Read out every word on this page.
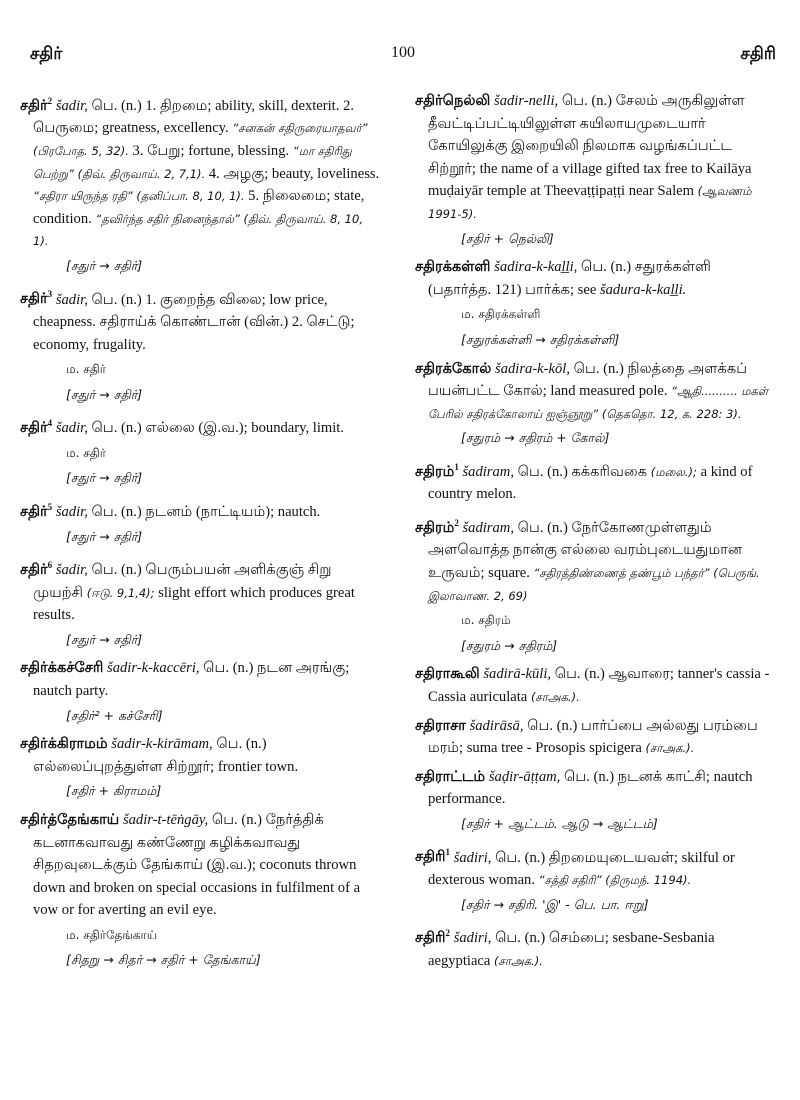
சதிர்	100	சதிரி

சதிர்$^2$ šadir, பெ. (n.) 1. திறமை; ability, skill, dexterit. 2. பெருமை; greatness, excellency. “சனகன் சதிருரையாதவர்” (பிரபோத. 5, 32). 3. பேறு; fortune, blessing. “மா சதிரிது பெற்று” (திவ். திருவாய். 2, 7,1). 4. அழகு; beauty, loveliness. “சதிரா யிருந்த ரதி” (தனிப்பா. 8, 10, 1). 5. நிலைமை; state, condition. “தவிர்ந்த சதிர் நினைந்தால்” (திவ். திருவாய். 8, 10, 1).

[சதுர் → சதிர்]

சதிர்$^3$ šadir, பெ. (n.) 1. குறைந்த விலை; low price, cheapness. சதிராய்க் கொண்டான் (வின்.) 2. செட்டு; economy, frugality.

ம. சதிர்
[சதுர் → சதிர்]

சதிர்$^4$ šadir, பெ. (n.) எல்லை (இ.வ.); boundary, limit.

ம. சதிர்
[சதுர் → சதிர்]

சதிர்$^5$ šadir, பெ. (n.) நடனம் (நாட்டியம்); nautch.

[சதுர் → சதிர்]

சதிர்$^6$ šadir, பெ. (n.) பெரும்பயன் அளிக்குஞ் சிறு முயற்சி (ஈடு. 9,1,4); slight effort which produces great results.

[சதுர் → சதிர்]

சதிர்க்கச்சேரி šadir-k-kaccēri, பெ. (n.) நடன அரங்கு; nautch party.

[சதிர்² + கச்சேரி]

சதிர்க்கிராமம் šadir-k-kirāmam, பெ. (n.) எல்லைப்புறத்துள்ள சிற்றூர்; frontier town.

[சதிர் + கிராமம்]

சதிர்த்தேங்காய் šadir-t-tēṅgāy, பெ. (n.) நேர்த்திக் கடனாகவாவது கண்ணேறு கழிக்கவாவது சிதறவுடைக்கும் தேங்காய் (இ.வ.); coconuts thrown down and broken on special occasions in fulfilment of a vow or for averting an evil eye.

ம. சதிர்தேங்காய்
[சிதறு → சிதர் → சதிர் + தேங்காய்]

சதிர்நெல்லி šadir-nelli, பெ. (n.) சேலம் அருகிலுள்ள தீவட்டிப்பட்டியிலுள்ள கயிலாயமுடையார் கோயிலுக்கு இறையிலி நிலமாக வழங்கப்பட்ட சிற்றூர்; the name of a village gifted tax free to Kailāya muḍaiyār temple at Theevaṭṭipaṭṭi near Salem (ஆவணம் 1991-5).

[சதிர் + நெல்லி]

சதிரக்கள்ளி šadira-k-kaḻḻi, பெ. (n.) சதுரக்கள்ளி (பதார்த்த. 121) பார்க்க; see šadura-k-kaḻḻi.

ம. சதிரக்கள்ளி
[சதுரக்கள்ளி → சதிரக்கள்ளி]

சதிரக்கோல் šadira-k-kōl, பெ. (n.) நிலத்தை அளக்கப் பயன்பட்ட கோல்; land measured pole. “ஆதி.......... மகள் பேரில் சதிரக்கோலாய் ஐஞ்ஞூறு” (தெகதொ. 12, க. 228: 3).

[சதுரம் → சதிரம் + கோல்]

சதிரம்$^1$ šadiram, பெ. (n.) கக்கரிவகை (மலை.); a kind of country melon.

சதிரம்$^2$ šadiram, பெ. (n.) நேர்கோணமுள்ளதும் அளவொத்த நான்கு எல்லை வரம்புடையதுமான உருவம்; square. “சதிரத்திண்ணைத் தண்பூம் பந்தர்” (பெருங். இலாவாண. 2, 69)

ம. சதிரம்
[சதுரம் → சதிரம்]

சதிராகூலி šadirā-kūli, பெ. (n.) ஆவாரை; tanner's cassia - Cassia auriculata (சாஅக.).

சதிராசா šadirāsā, பெ. (n.) பார்ப்பை அல்லது பரம்பை மரம்; suma tree - Prosopis spicigera (சாஅக.).

சதிராட்டம் šaḍir-āṭṭam, பெ. (n.) நடனக் காட்சி; nautch performance.

[சதிர் + ஆட்டம். ஆடு → ஆட்டம்]

சதிரி$^1$ šadiri, பெ. (n.) திறமையுடையவள்; skilful or dexterous woman. “சத்தி சதிரி” (திருமந். 1194).

[சதிர் → சதிரி. 'இ' - பெ. பா. ஈறு]

சதிரி$^2$ šadiri, பெ. (n.) செம்பை; sesbane-Sesbania aegyptiaca (சாஅக.).
